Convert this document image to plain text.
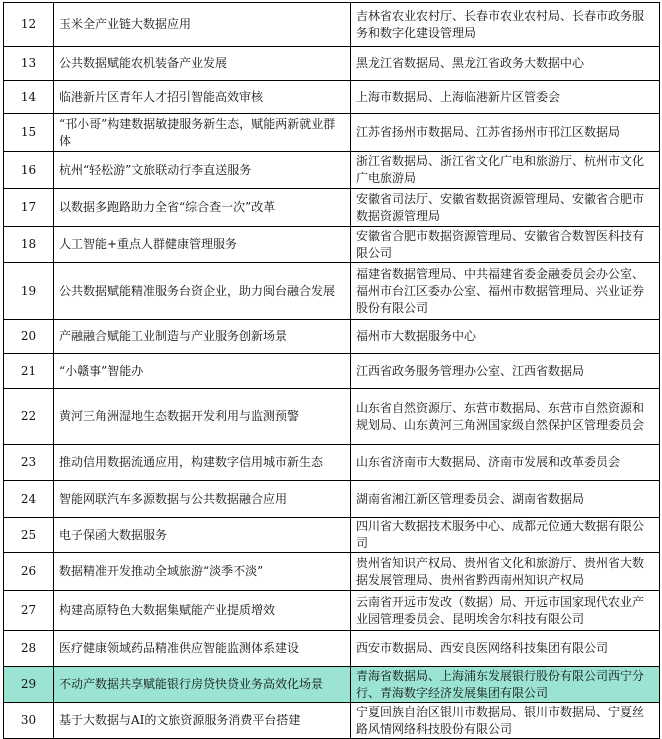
12	玉米全产业链大数据应用	吉林省农业农村厅、长春市农业农村局、长春市政务服务和数字化建设管理局
13	公共数据赋能农机装备产业发展	黑龙江省数据局、黑龙江省政务大数据中心
14	临港新片区青年人才招引智能高效审核	上海市数据局、上海临港新片区管委会
15	“邗小哥”构建数据敏捷服务新生态，赋能两新就业群体	江苏省扬州市数据局、江苏省扬州市邗江区数据局
16	杭州“轻松游”文旅联动行李直送服务	浙江省数据局、浙江省文化广电和旅游厅、杭州市文化广电旅游局
17	以数据多跑路助力全省“综合查一次”改革	安徽省司法厅、安徽省数据资源管理局、安徽省合肥市数据资源管理局
18	人工智能+重点人群健康管理服务	安徽省合肥市数据资源管理局、安徽省合数智医科技有限公司
19	公共数据赋能精准服务台资企业，助力闽台融合发展	福建省数据管理局、中共福建省委金融委员会办公室、福州市台江区委办公室、福州市数据管理局、兴业证券股份有限公司
20	产融融合赋能工业制造与产业服务创新场景	福州市大数据服务中心
21	“小赣事”智能办	江西省政务服务管理办公室、江西省数据局
22	黄河三角洲湿地生态数据开发利用与监测预警	山东省自然资源厅、东营市数据局、东营市自然资源和规划局、山东黄河三角洲国家级自然保护区管理委员会
23	推动信用数据流通应用，构建数字信用城市新生态	山东省济南市大数据局、济南市发展和改革委员会
24	智能网联汽车多源数据与公共数据融合应用	湖南省湘江新区管理委员会、湖南省数据局
25	电子保函大数据服务	四川省大数据技术服务中心、成都元位通大数据有限公司
26	数据精准开发推动全域旅游“淡季不淡”	贵州省知识产权局、贵州省文化和旅游厅、贵州省大数据发展管理局、贵州省黔西南州知识产权局
27	构建高原特色大数据集赋能产业提质增效	云南省开远市发改（数据）局、开远市国家现代农业产业园管理委员会、昆明埃舍尔科技有限公司
28	医疗健康领域药品精准供应智能监测体系建设	西安市数据局、西安良医网络科技集团有限公司
29	不动产数据共享赋能银行房贷快贷业务高效化场景	青海省数据局、上海浦东发展银行股份有限公司西宁分行、青海数字经济发展集团有限公司
30	基于大数据与AI的文旅资源服务消费平台搭建	宁夏回族自治区银川市数据局、银川市数据局、宁夏丝路风情网络科技股份有限公司
